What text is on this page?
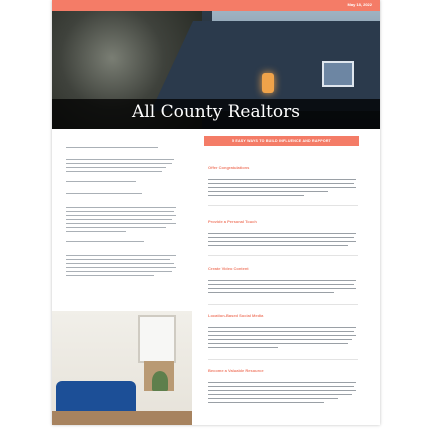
May 18, 2022
All County Realtors
5 EASY WAYS TO BUILD INFLUENCE AND RAPPORT
Offer Congratulations
Provide a Personal Touch
Create Video Content
Location-Based Social Media
Become a Valuable Resource
